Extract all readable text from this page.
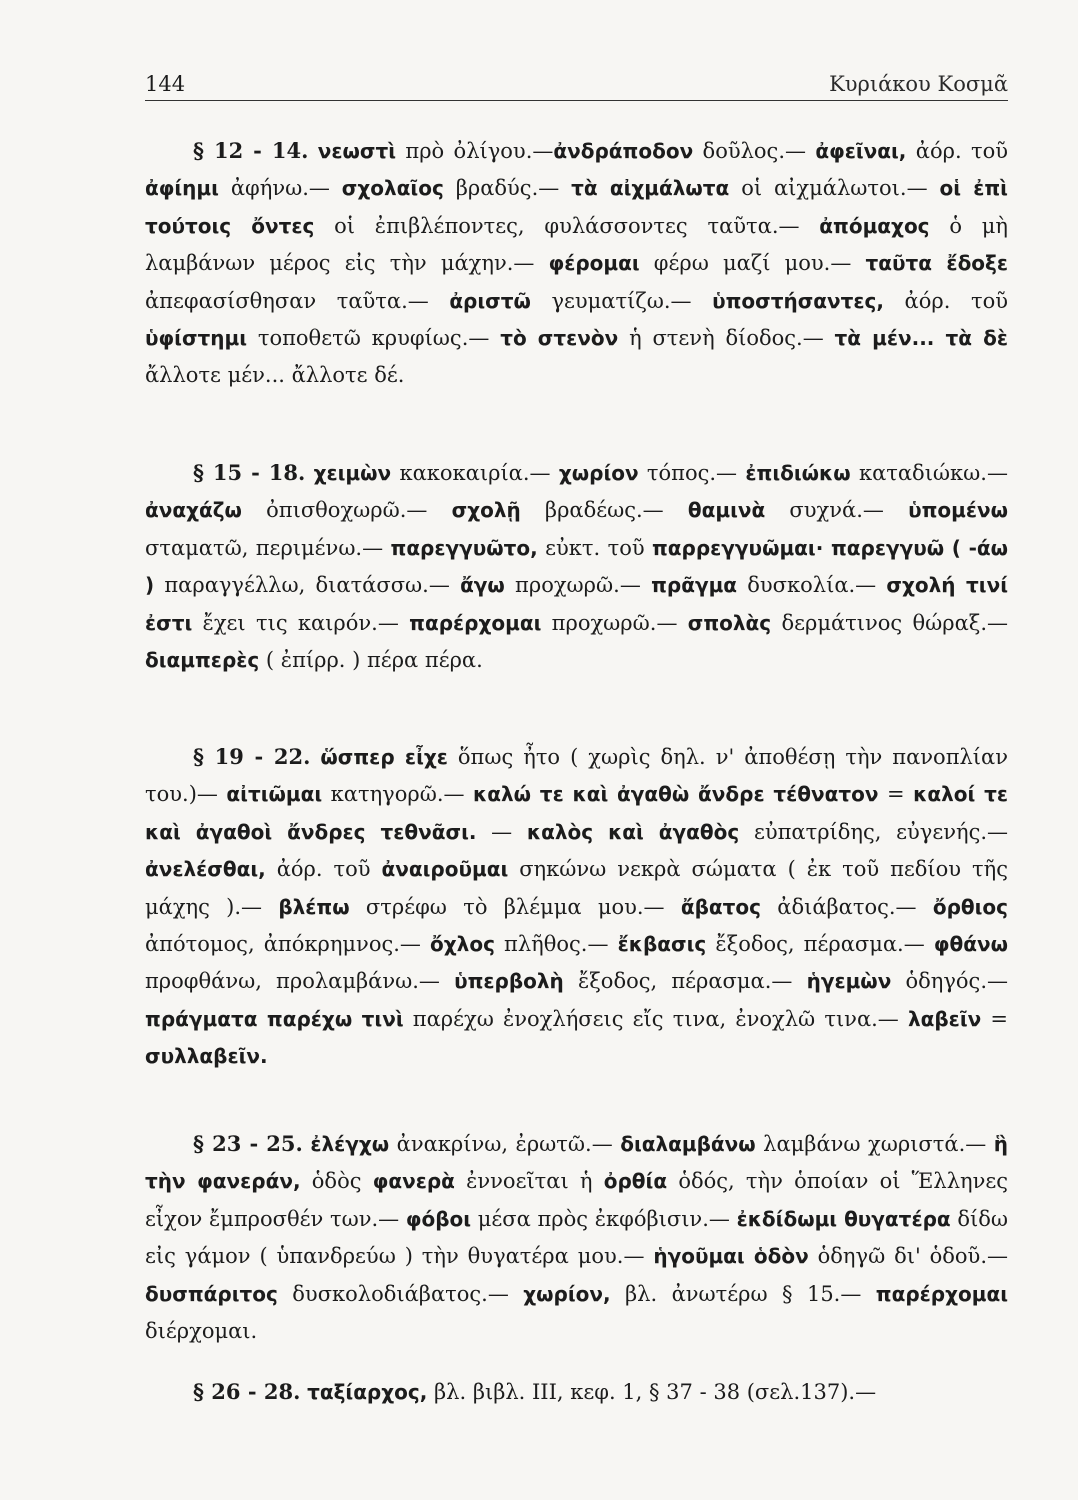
144	Κυριάκου Κοσμᾶ

§ 12 - 14. νεωστὶ πρὸ ὀλίγου.—ἀνδράποδον δοῦλος.— ἀφεῖναι, ἀόρ. τοῦ ἀφίημι ἀφήνω.— σχολαῖος βραδύς.— τὰ αἰχμάλωτα οἱ αἰχμάλωτοι.— οἱ ἐπὶ τούτοις ὄντες οἱ ἐπιβλέποντες, φυλάσσοντες ταῦτα.— ἀπόμαχος ὁ μὴ λαμβάνων μέρος εἰς τὴν μάχην.— φέρομαι φέρω μαζί μου.— ταῦτα ἔδοξε ἀπεφασίσθησαν ταῦτα.— ἀριστῶ γευματίζω.— ὑποστήσαντες, ἀόρ. τοῦ ὑφίστημι τοποθετῶ κρυφίως.— τὸ στενὸν ἡ στενὴ δίοδος.— τὰ μέν... τὰ δὲ ἄλλοτε μέν... ἄλλοτε δέ.

§ 15 - 18. χειμὼν κακοκαιρία.— χωρίον τόπος.— ἐπιδιώκω καταδιώκω.— ἀναχάζω ὀπισθοχωρῶ.— σχολῇ βραδέως.— θαμινὰ συχνά.— ὑπομένω σταματῶ, περιμένω.— παρεγγυῶτο, εὐκτ. τοῦ παρρεγγυῶμαι· παρεγγυῶ ( -άω ) παραγγέλλω, διατάσσω.— ἄγω προχωρῶ.— πρᾶγμα δυσκολία.— σχολή τινί ἐστι ἔχει τις καιρόν.— παρέρχομαι προχωρῶ.— σπολὰς δερμάτινος θώραξ.— διαμπερὲς ( ἐπίρρ. ) πέρα πέρα.

§ 19 - 22. ὥσπερ εἶχε ὅπως ἦτο ( χωρὶς δηλ. ν' ἀποθέσῃ τὴν πανοπλίαν του.)— αἰτιῶμαι κατηγορῶ.— καλώ τε καὶ ἀγαθὼ ἄνδρε τέθνατον = καλοί τε καὶ ἀγαθοὶ ἄνδρες τεθνᾶσι. — καλὸς καὶ ἀγαθὸς εὐπατρίδης, εὐγενής.— ἀνελέσθαι, ἀόρ. τοῦ ἀναιροῦμαι σηκώνω νεκρὰ σώματα ( ἐκ τοῦ πεδίου τῆς μάχης ).— βλέπω στρέφω τὸ βλέμμα μου.— ἄβατος ἀδιάβατος.— ὄρθιος ἀπότομος, ἀπόκρημνος.— ὄχλος πλῆθος.— ἔκβασις ἔξοδος, πέρασμα.— φθάνω προφθάνω, προλαμβάνω.— ὑπερβολὴ ἔξοδος, πέρασμα.— ἡγεμὼν ὁδηγός.— πράγματα παρέχω τινὶ παρέχω ἐνοχλήσεις εἴς τινα, ἐνοχλῶ τινα.— λαβεῖν = συλλαβεῖν.

§ 23 - 25. ἐλέγχω ἀνακρίνω, ἐρωτῶ.— διαλαμβάνω λαμβάνω χωριστά.— ἣ τὴν φανεράν, ὁδὸς φανερὰ ἐννοεῖται ἡ ὀρθία ὁδός, τὴν ὁποίαν οἱ Ἕλληνες εἶχον ἔμπροσθέν των.— φόβοι μέσα πρὸς ἐκφόβισιν.— ἐκδίδωμι θυγατέρα δίδω εἰς γάμον ( ὑπανδρεύω ) τὴν θυγατέρα μου.— ἡγοῦμαι ὁδὸν ὁδηγῶ δι' ὁδοῦ.— δυσπάριτος δυσκολοδιάβατος.— χωρίον, βλ. ἀνωτέρω § 15.— παρέρχομαι διέρχομαι.

§ 26 - 28. ταξίαρχος, βλ. βιβλ. III, κεφ. 1, § 37 - 38 (σελ.137).—
